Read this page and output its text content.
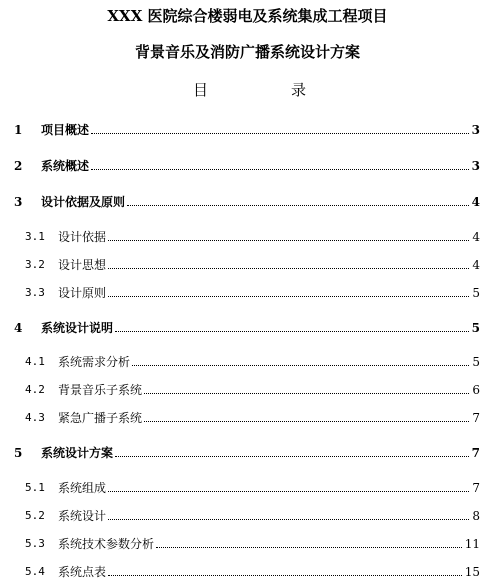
XXX 医院综合楼弱电及系统集成工程项目
背景音乐及消防广播系统设计方案
目	录
1 项目概述	3
2 系统概述	3
3 设计依据及原则	4
3.1 设计依据	4
3.2 设计思想	4
3.3 设计原则	5
4 系统设计说明	5
4.1 系统需求分析	5
4.2 背景音乐子系统	6
4.3 紧急广播子系统	7
5 系统设计方案	7
5.1 系统组成	7
5.2 系统设计	8
5.3 系统技术参数分析	11
5.4 系统点表	15
